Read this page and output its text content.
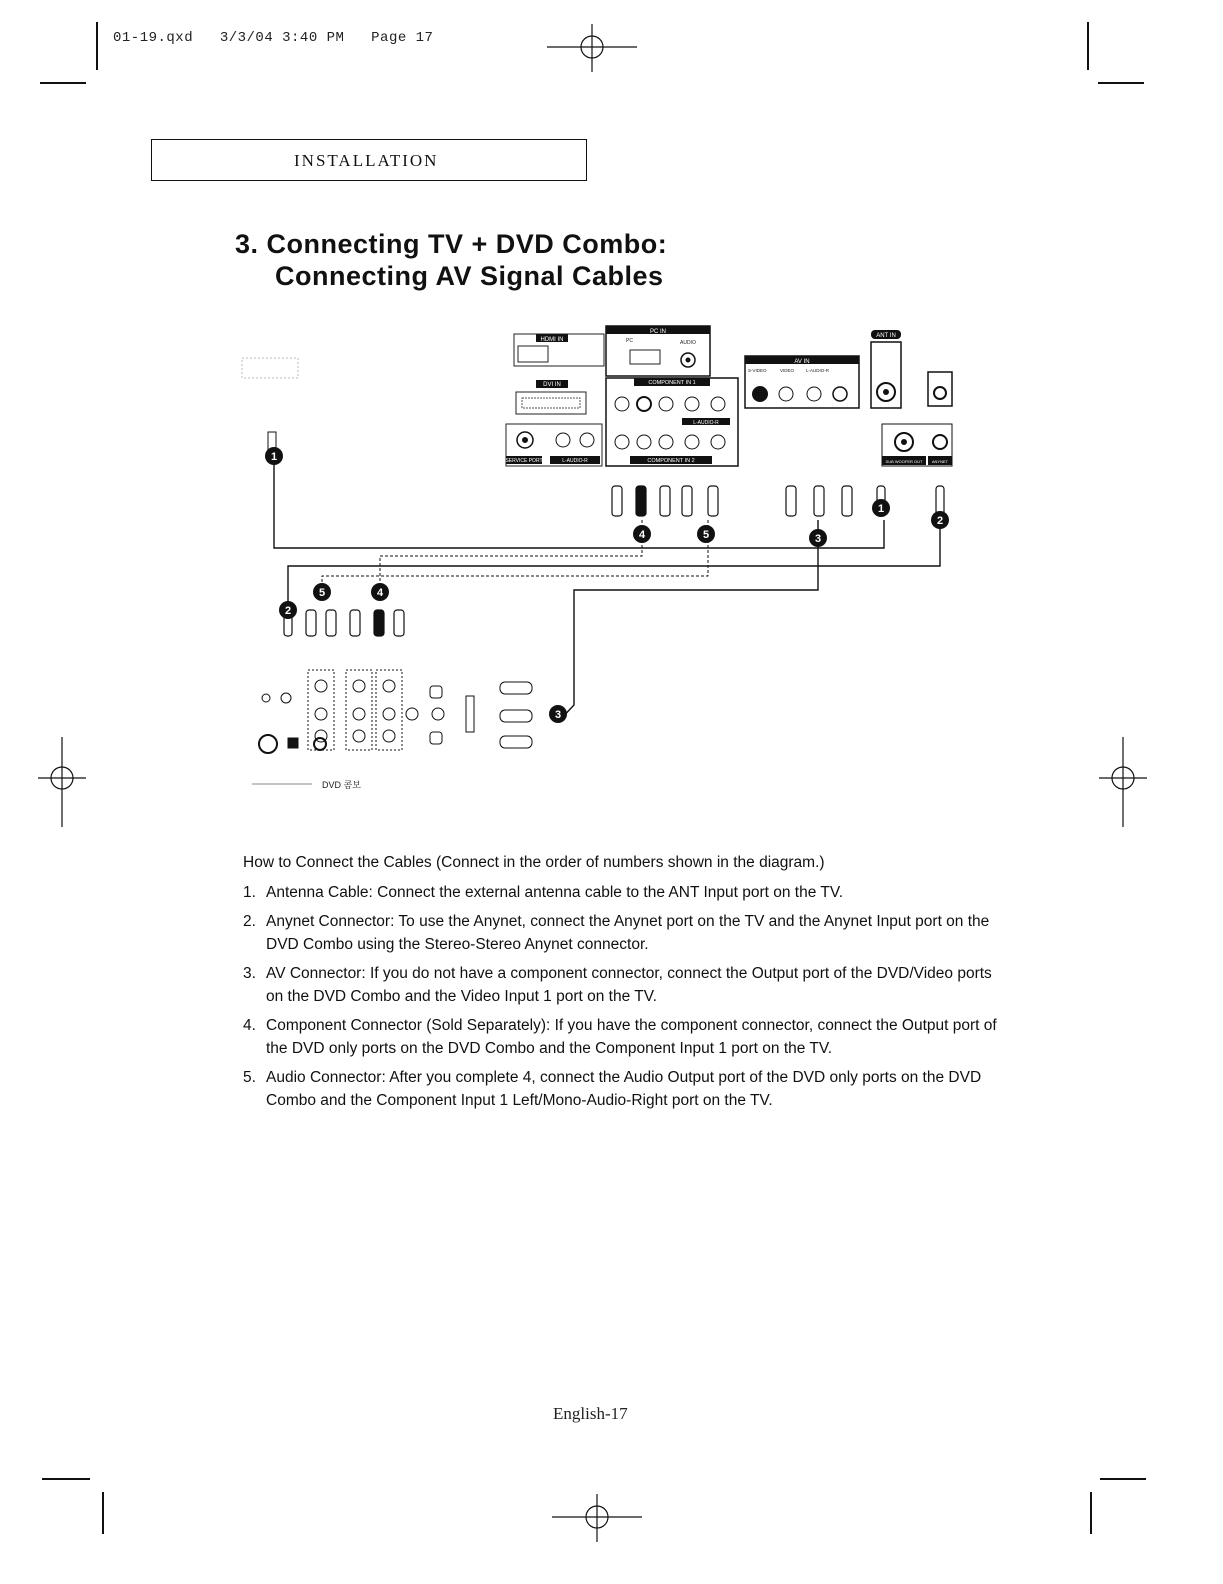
01-19.qxd   3/3/04 3:40 PM   Page 17
INSTALLATION
3. Connecting TV + DVD Combo:
Connecting AV Signal Cables
HDMI IN
DVI IN
SERVICE PORT	L-AUDIO-R
PC IN
PC	AUDIO
COMPONENT IN 1
L-AUDIO-R
COMPONENT IN 2
AV IN
S-VIDEO	VIDEO	L-AUDIO-R
ANT IN
SUB WOOFER OUT ANYNET
DVD 콤보
1
1
2
2
3
3
4
4
5
5

How to Connect the Cables (Connect in the order of numbers shown in the diagram.)

1. Antenna Cable: Connect the external antenna cable to the ANT Input port on the TV.
2. Anynet Connector: To use the Anynet, connect the Anynet port on the TV and the Anynet Input port on the DVD Combo using the Stereo-Stereo Anynet connector.
3. AV Connector: If you do not have a component connector, connect the Output port of the DVD/Video ports on the DVD Combo and the Video Input 1 port on the TV.
4. Component Connector (Sold Separately): If you have the component connector, connect the Output port of the DVD only ports on the DVD Combo and the Component Input 1 port on the TV.
5. Audio Connector: After you complete 4, connect the Audio Output port of the DVD only ports on the DVD Combo and the Component Input 1 Left/Mono-Audio-Right port on the TV.
English-17
